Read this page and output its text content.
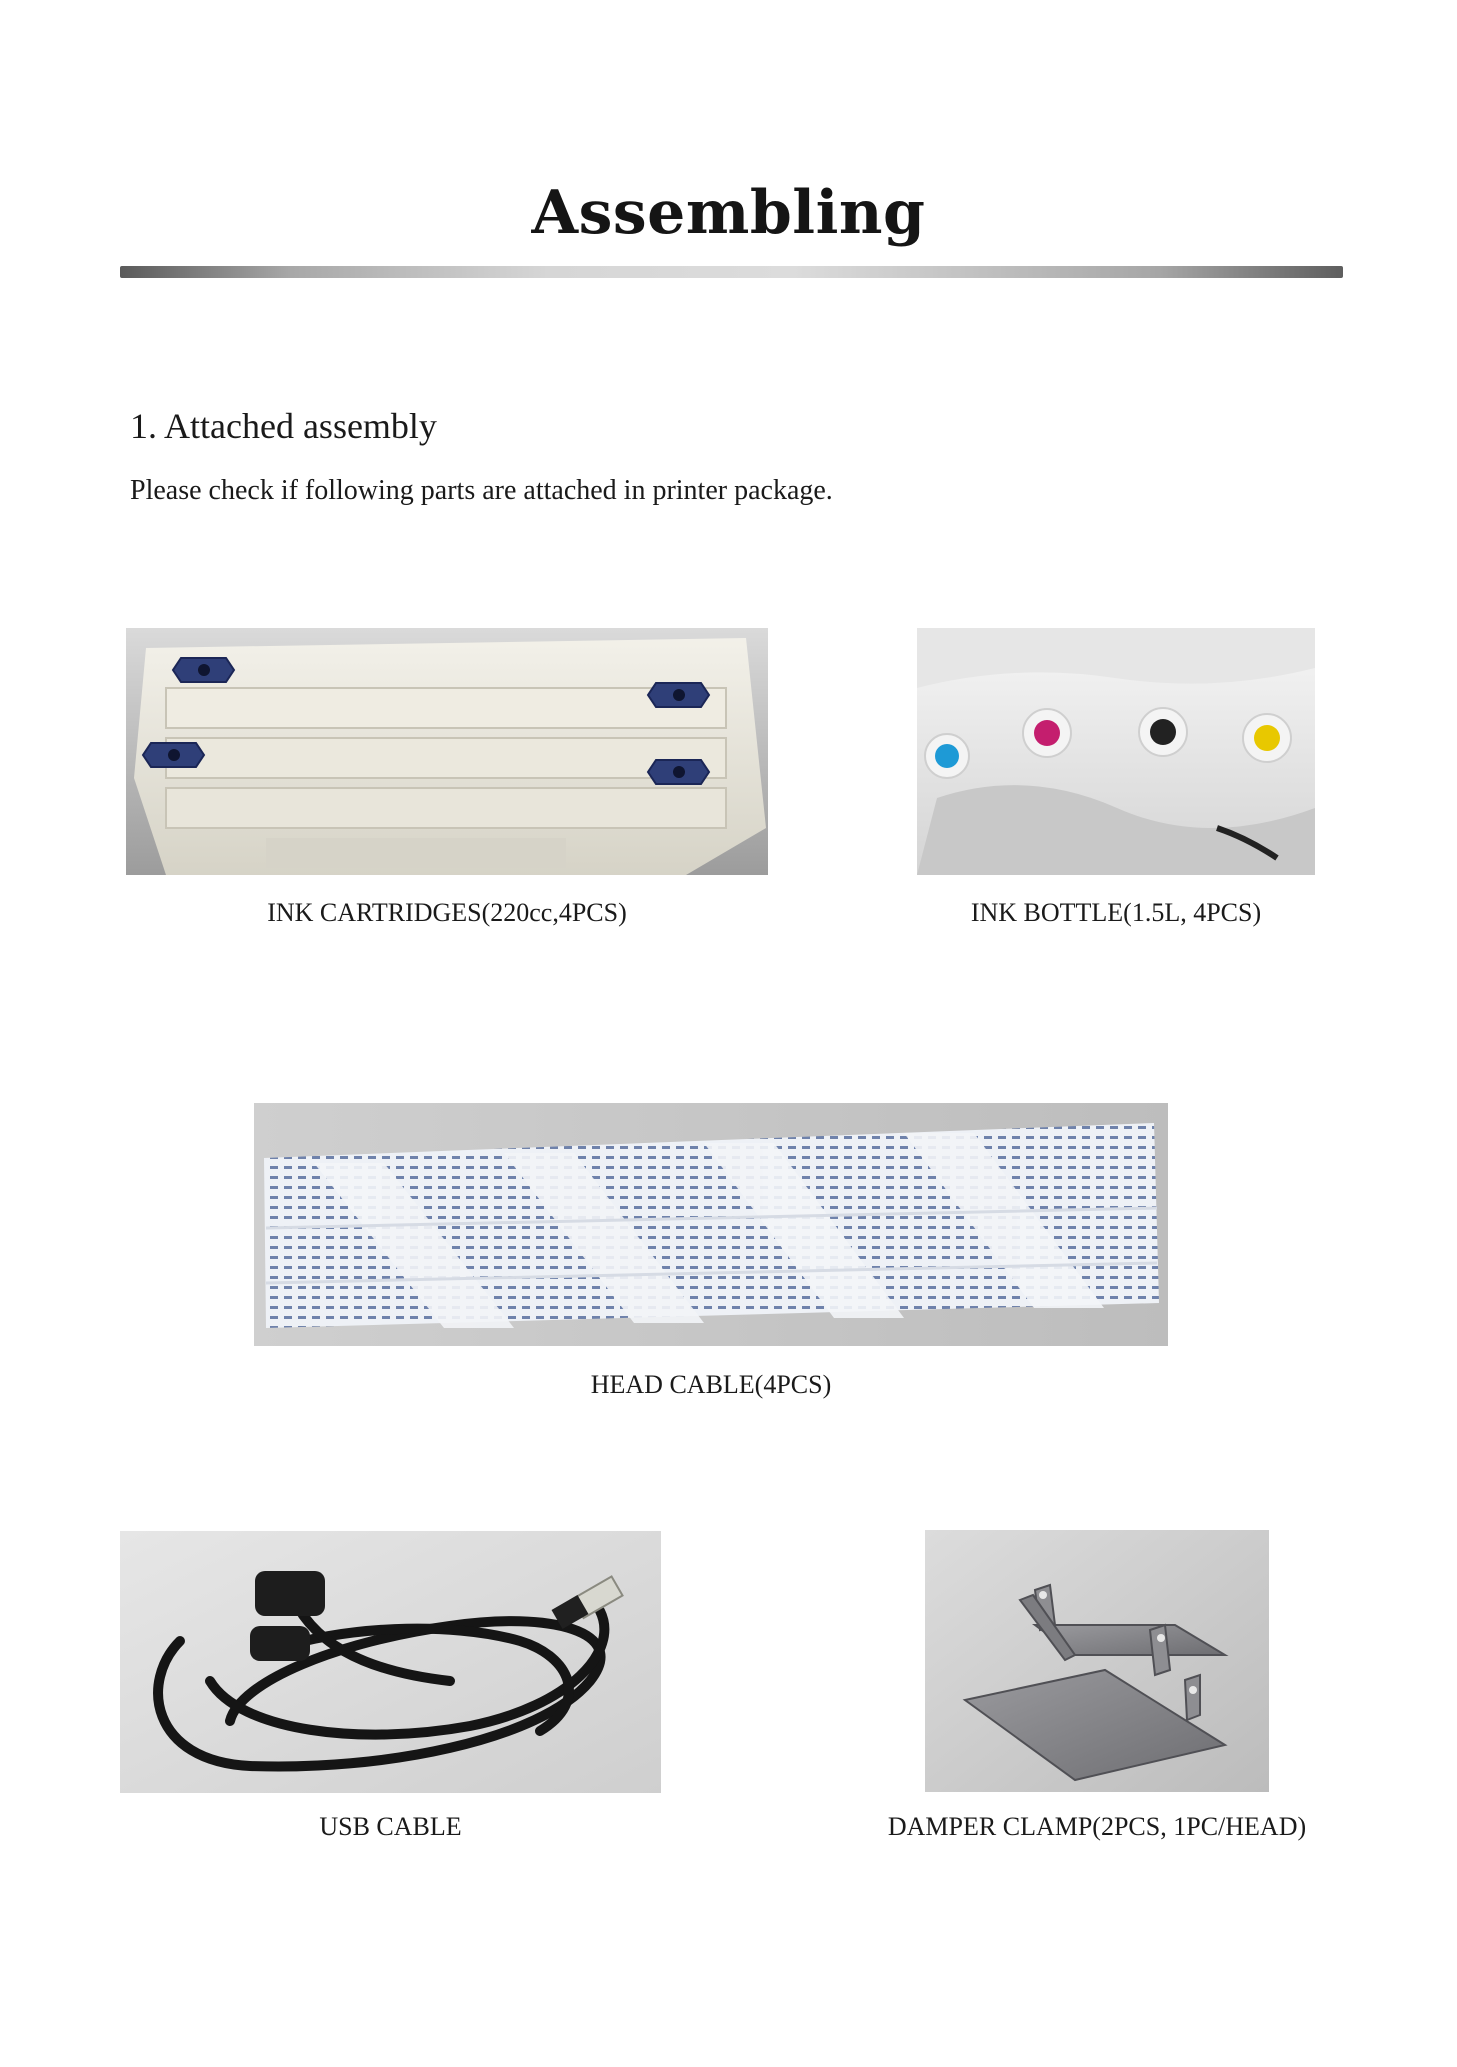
Assembling
1. Attached assembly
Please check if following parts are attached in printer package.
INK CARTRIDGES(220cc,4PCS)	INK BOTTLE(1.5L, 4PCS)
HEAD CABLE(4PCS)
USB CABLE	DAMPER CLAMP(2PCS, 1PC/HEAD)
